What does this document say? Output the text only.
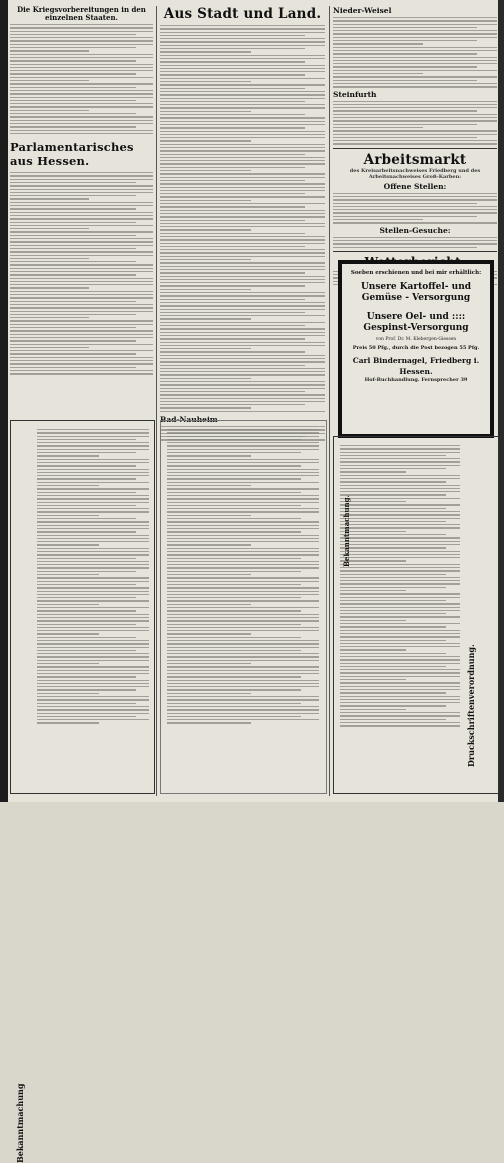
Die Kriegsvorbereitungen in den einzelnen Staaten.
Parlamentarisches aus Hessen.
Bekanntmachung
Aus Stadt und Land.
Bad-Nauheim
Nieder-Weisel
Steinfurth
Arbeitsmarkt
des Kreisarbeitsnachweises Friedberg und des Arbeitsnachweises Groß-Karben:
Offene Stellen:
Stellen-Gesuche:
Soeben erschienen und bei mir erhältlich:
Unsere Kartoffel- und Gemüse - Versorgung
Unsere Oel- und :::: Gespinst-Versorgung
von Prof. Dr. M. Klebergen-Giessen
Preis 50 Pfg., durch die Post bezogen 55 Pfg.
Carl Bindernagel, Friedberg i. Hessen.
Hof-Buchhandlung. Fernsprecher 39
Druckschriftenverordnung.
Bekanntmachung.
